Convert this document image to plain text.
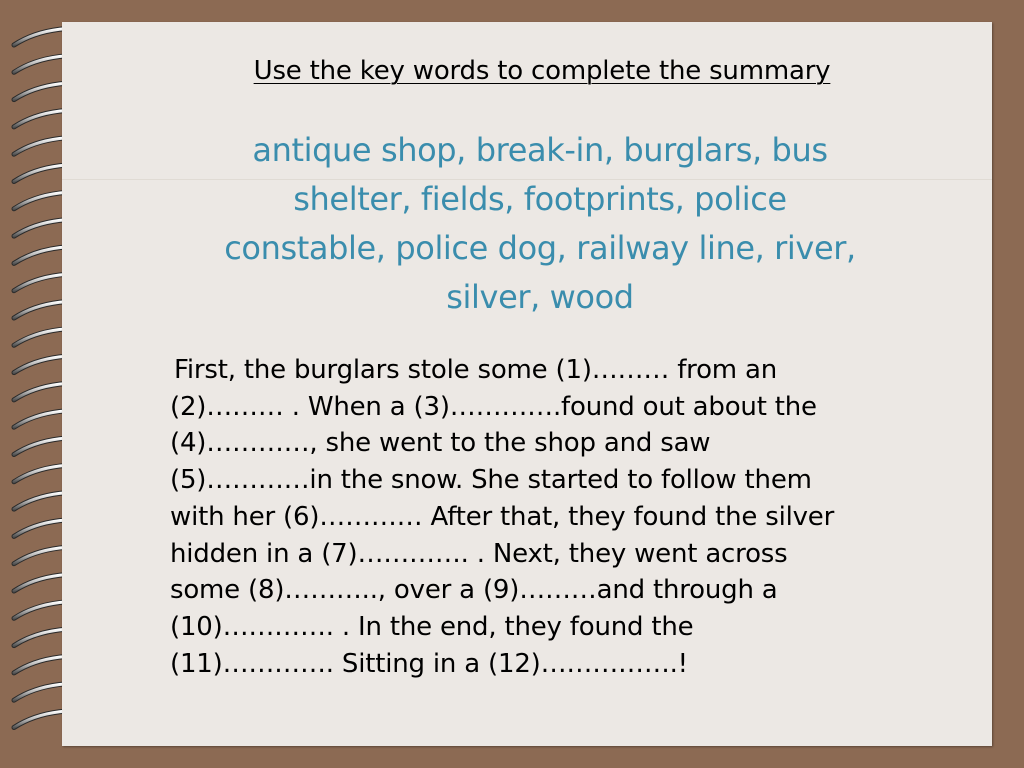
Use the key words to complete the summary
antique shop, break-in, burglars, bus
shelter, fields, footprints, police
constable, police dog, railway line, river,
silver, wood
First, the burglars stole some (1)……… from an
(2)……… . When a (3)………….found out about the
(4)…………, she went to the shop and saw
(5)…………in the snow. She started to follow them
with her (6)………… After that, they found the silver
hidden in a (7)…………. . Next, they went across
some (8)……….., over a (9)………and through a
(10)…………. . In the end, they found the
(11)…………. Sitting in a (12)…………….!
